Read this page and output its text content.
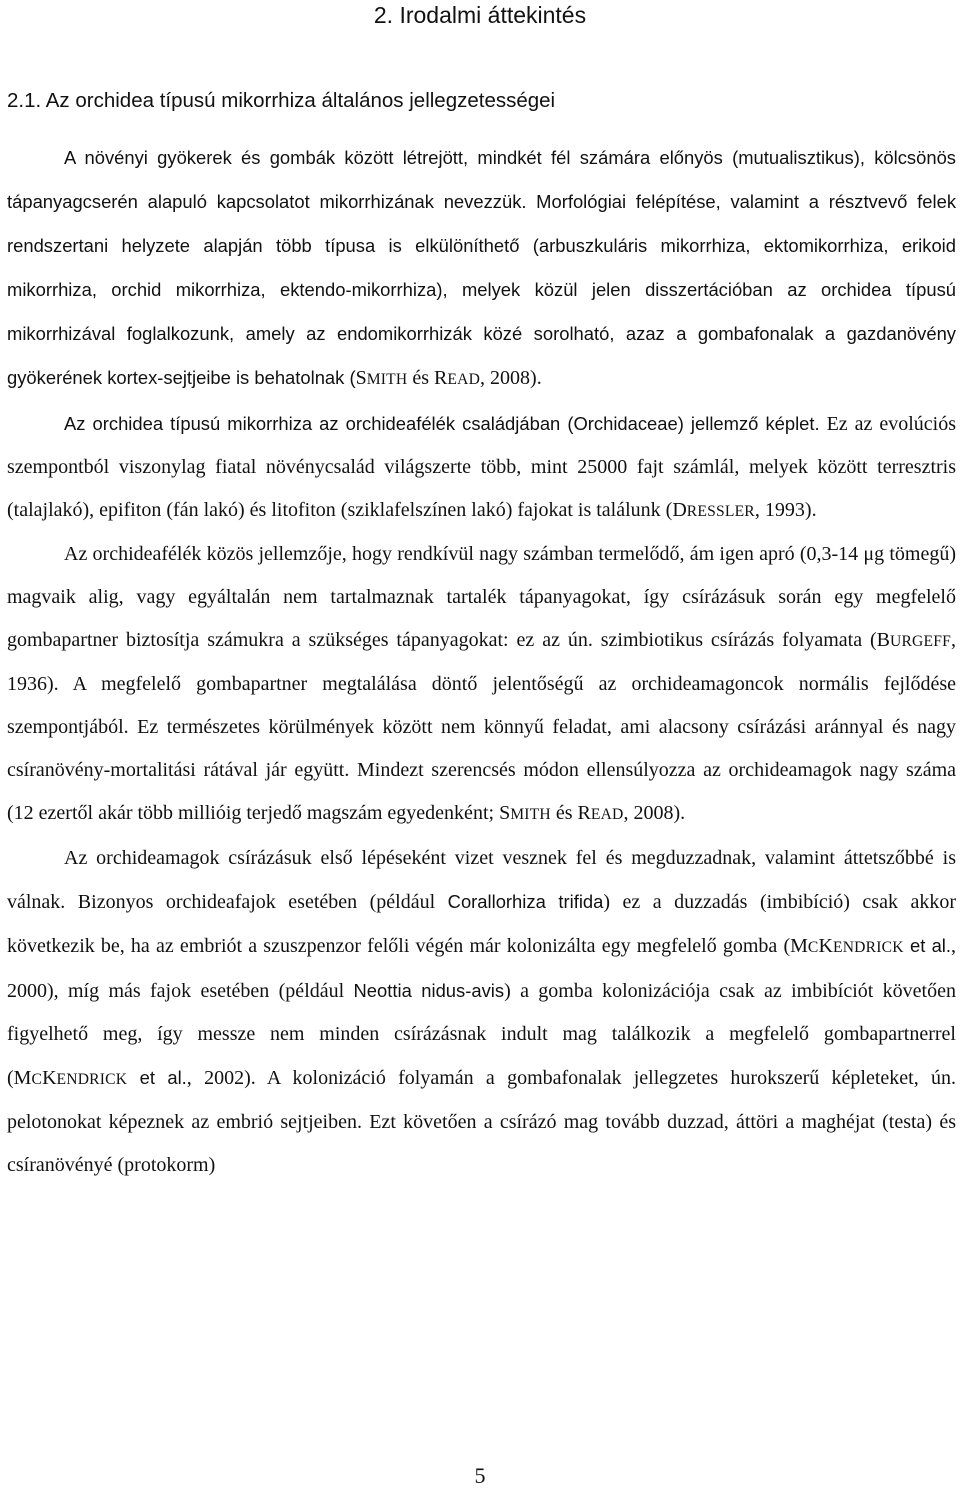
2. Irodalmi áttekintés
2.1. Az orchidea típusú mikorrhiza általános jellegzetességei

A növényi gyökerek és gombák között létrejött, mindkét fél számára előnyös (mutualisztikus), kölcsönös tápanyagcserén alapuló kapcsolatot mikorrhizának nevezzük. Morfológiai felépítése, valamint a résztvevő felek rendszertani helyzete alapján több típusa is elkülöníthető (arbuszkuláris mikorrhiza, ektomikorrhiza, erikoid mikorrhiza, orchid mikorrhiza, ektendo-mikorrhiza), melyek közül jelen disszertációban az orchidea típusú mikorrhizával foglalkozunk, amely az endomikorrhizák közé sorolható, azaz a gombafonalak a gazdanövény gyökerének kortex-sejtjeibe is behatolnak (SMITH és READ, 2008).

Az orchidea típusú mikorrhiza az orchideafélék családjában (Orchidaceae) jellemző képlet. Ez az evolúciós szempontból viszonylag fiatal növénycsalád világszerte több, mint 25000 fajt számlál, melyek között terresztris (talajlakó), epifiton (fán lakó) és litofiton (sziklafelszínen lakó) fajokat is találunk (DRESSLER, 1993).

Az orchideafélék közös jellemzője, hogy rendkívül nagy számban termelődő, ám igen apró (0,3-14 μg tömegű) magvaik alig, vagy egyáltalán nem tartalmaznak tartalék tápanyagokat, így csírázásuk során egy megfelelő gombapartner biztosítja számukra a szükséges tápanyagokat: ez az ún. szimbiotikus csírázás folyamata (BURGEFF, 1936). A megfelelő gombapartner megtalálása döntő jelentőségű az orchideamagoncok normális fejlődése szempontjából. Ez természetes körülmények között nem könnyű feladat, ami alacsony csírázási aránnyal és nagy csíranövény-mortalitási rátával jár együtt. Mindezt szerencsés módon ellensúlyozza az orchideamagok nagy száma (12 ezertől akár több millióig terjedő magszám egyedenként; SMITH és READ, 2008).

Az orchideamagok csírázásuk első lépéseként vizet vesznek fel és megduzzadnak, valamint áttetszőbbé is válnak. Bizonyos orchideafajok esetében (például Corallorhiza trifida) ez a duzzadás (imbibíció) csak akkor következik be, ha az embriót a szuszpenzor felőli végén már kolonizálta egy megfelelő gomba (MCKENDRICK et al., 2000), míg más fajok esetében (például Neottia nidus-avis) a gomba kolonizációja csak az imbibíciót követően figyelhető meg, így messze nem minden csírázásnak indult mag találkozik a megfelelő gombapartnerrel (MCKENDRICK et al., 2002). A kolonizáció folyamán a gombafonalak jellegzetes hurokszerű képleteket, ún. pelotonokat képeznek az embrió sejtjeiben. Ezt követően a csírázó mag tovább duzzad, áttöri a maghéjat (testa) és csíranövényé (protokorm)

5
